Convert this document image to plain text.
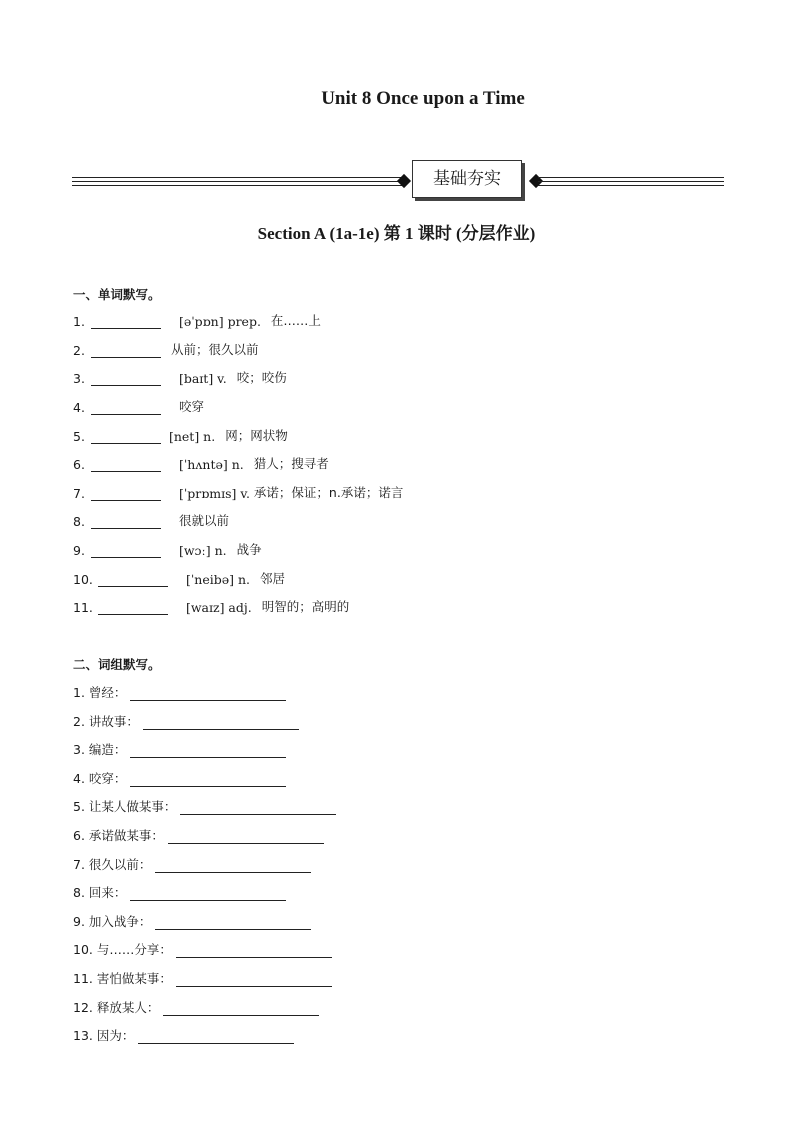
Unit 8 Once upon a Time
基础夯实
Section A (1a-1e) 第 1 课时 (分层作业)
一、单词默写。
1.	[əˈpɒn] prep. 在……上
2.	从前；很久以前
3.	[baɪt] v. 咬；咬伤
4.	咬穿
5.	[net] n. 网；网状物
6.	[ˈhʌntə] n. 猎人；搜寻者
7.	[ˈprɒmɪs] v. 承诺；保证；n.承诺；诺言
8.	很就以前
9.	[wɔː] n. 战争
10.	[ˈneibə] n. 邻居
11.	[waɪz] adj. 明智的；高明的
二、词组默写。
1. 曾经：
2. 讲故事：
3. 编造：
4. 咬穿：
5. 让某人做某事：
6. 承诺做某事：
7. 很久以前：
8. 回来：
9. 加入战争：
10. 与……分享：
11. 害怕做某事：
12. 释放某人：
13. 因为：
